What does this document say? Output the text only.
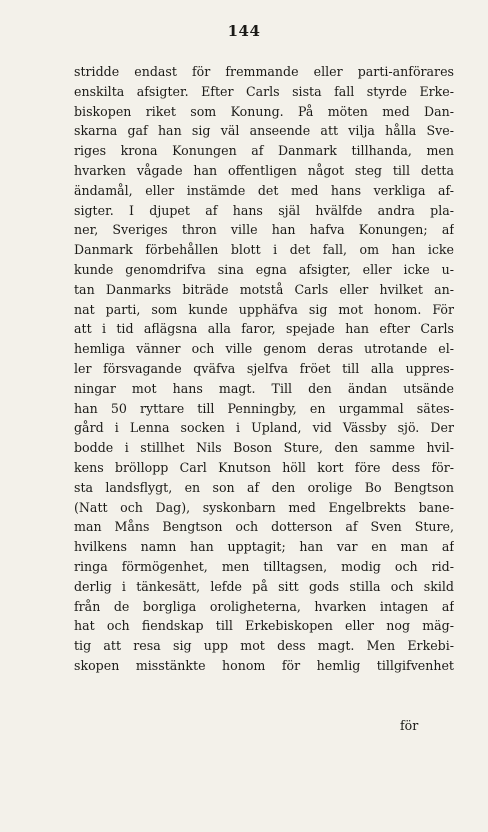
144
stridde endast för fremmande eller parti-anförares
enskilta afsigter. Efter Carls sista fall styrde Erke-
biskopen riket som Konung. På möten med Dan-
skarna gaf han sig väl anseende att vilja hålla Sve-
riges krona Konungen af Danmark tillhanda, men
hvarken vågade han offentligen något steg till detta
ändamål, eller instämde det med hans verkliga af-
sigter. I djupet af hans själ hvälfde andra pla-
ner, Sveriges thron ville han hafva Konungen; af
Danmark förbehållen blott i det fall, om han icke
kunde genomdrifva sina egna afsigter, eller icke u-
tan Danmarks biträde motstå Carls eller hvilket an-
nat parti, som kunde upphäfva sig mot honom. För
att i tid aflägsna alla faror, spejade han efter Carls
hemliga vänner och ville genom deras utrotande el-
ler försvagande qväfva sjelfva fröet till alla uppres-
ningar mot hans magt. Till den ändan utsände
han 50 ryttare till Penningby, en urgammal sätes-
gård i Lenna socken i Upland, vid Vässby sjö. Der
bodde i stillhet Nils Boson Sture, den samme hvil-
kens bröllopp Carl Knutson höll kort före dess för-
sta landsflygt, en son af den orolige Bo Bengtson
(Natt och Dag), syskonbarn med Engelbrekts bane-
man Måns Bengtson och dotterson af Sven Sture,
hvilkens namn han upptagit; han var en man af
ringa förmögenhet, men tilltagsen, modig och rid-
derlig i tänkesätt, lefde på sitt gods stilla och skild
från de borgliga oroligheterna, hvarken intagen af
hat och fiendskap till Erkebiskopen eller nog mäg-
tig att resa sig upp mot dess magt. Men Erkebi-
skopen misstänkte honom för hemlig tillgifvenhet
för
